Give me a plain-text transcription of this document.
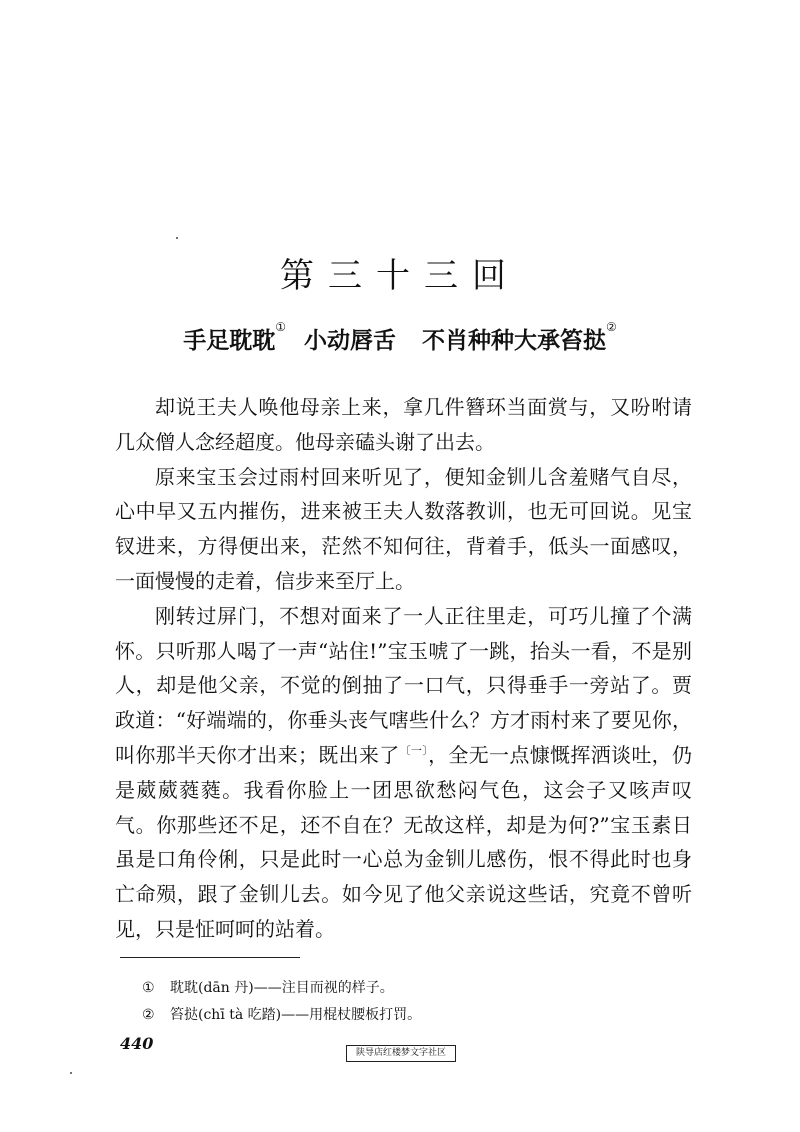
第三十三回
手足耽耽① 小动唇舌 不肖种种大承笞挞②

却说王夫人唤他母亲上来，拿几件簪环当面赏与，又吩咐请几众僧人念经超度。他母亲磕头谢了出去。

原来宝玉会过雨村回来听见了，便知金钏儿含羞赌气自尽，心中早又五内摧伤，进来被王夫人数落教训，也无可回说。见宝钗进来，方得便出来，茫然不知何往，背着手，低头一面感叹，一面慢慢的走着，信步来至厅上。

刚转过屏门，不想对面来了一人正往里走，可巧儿撞了个满怀。只听那人喝了一声“站住!”宝玉唬了一跳，抬头一看，不是别人，却是他父亲，不觉的倒抽了一口气，只得垂手一旁站了。贾政道：“好端端的，你垂头丧气嗐些什么？方才雨村来了要见你，叫你那半天你才出来；既出来了$^{〔一〕}$，全无一点慷慨挥洒谈吐，仍是葳葳蕤蕤。我看你脸上一团思欲愁闷气色，这会子又咳声叹气。你那些还不足，还不自在？无故这样，却是为何?”宝玉素日虽是口角伶俐，只是此时一心总为金钏儿感伤，恨不得此时也身亡命殒，跟了金钏儿去。如今见了他父亲说这些话，究竟不曾听见，只是怔呵呵的站着。

① 耽耽(dān 丹)——注目而视的样子。
② 笞挞(chī tà 吃踏)——用棍杖腰板打罚。
440	陕导店红楼梦文字社区
